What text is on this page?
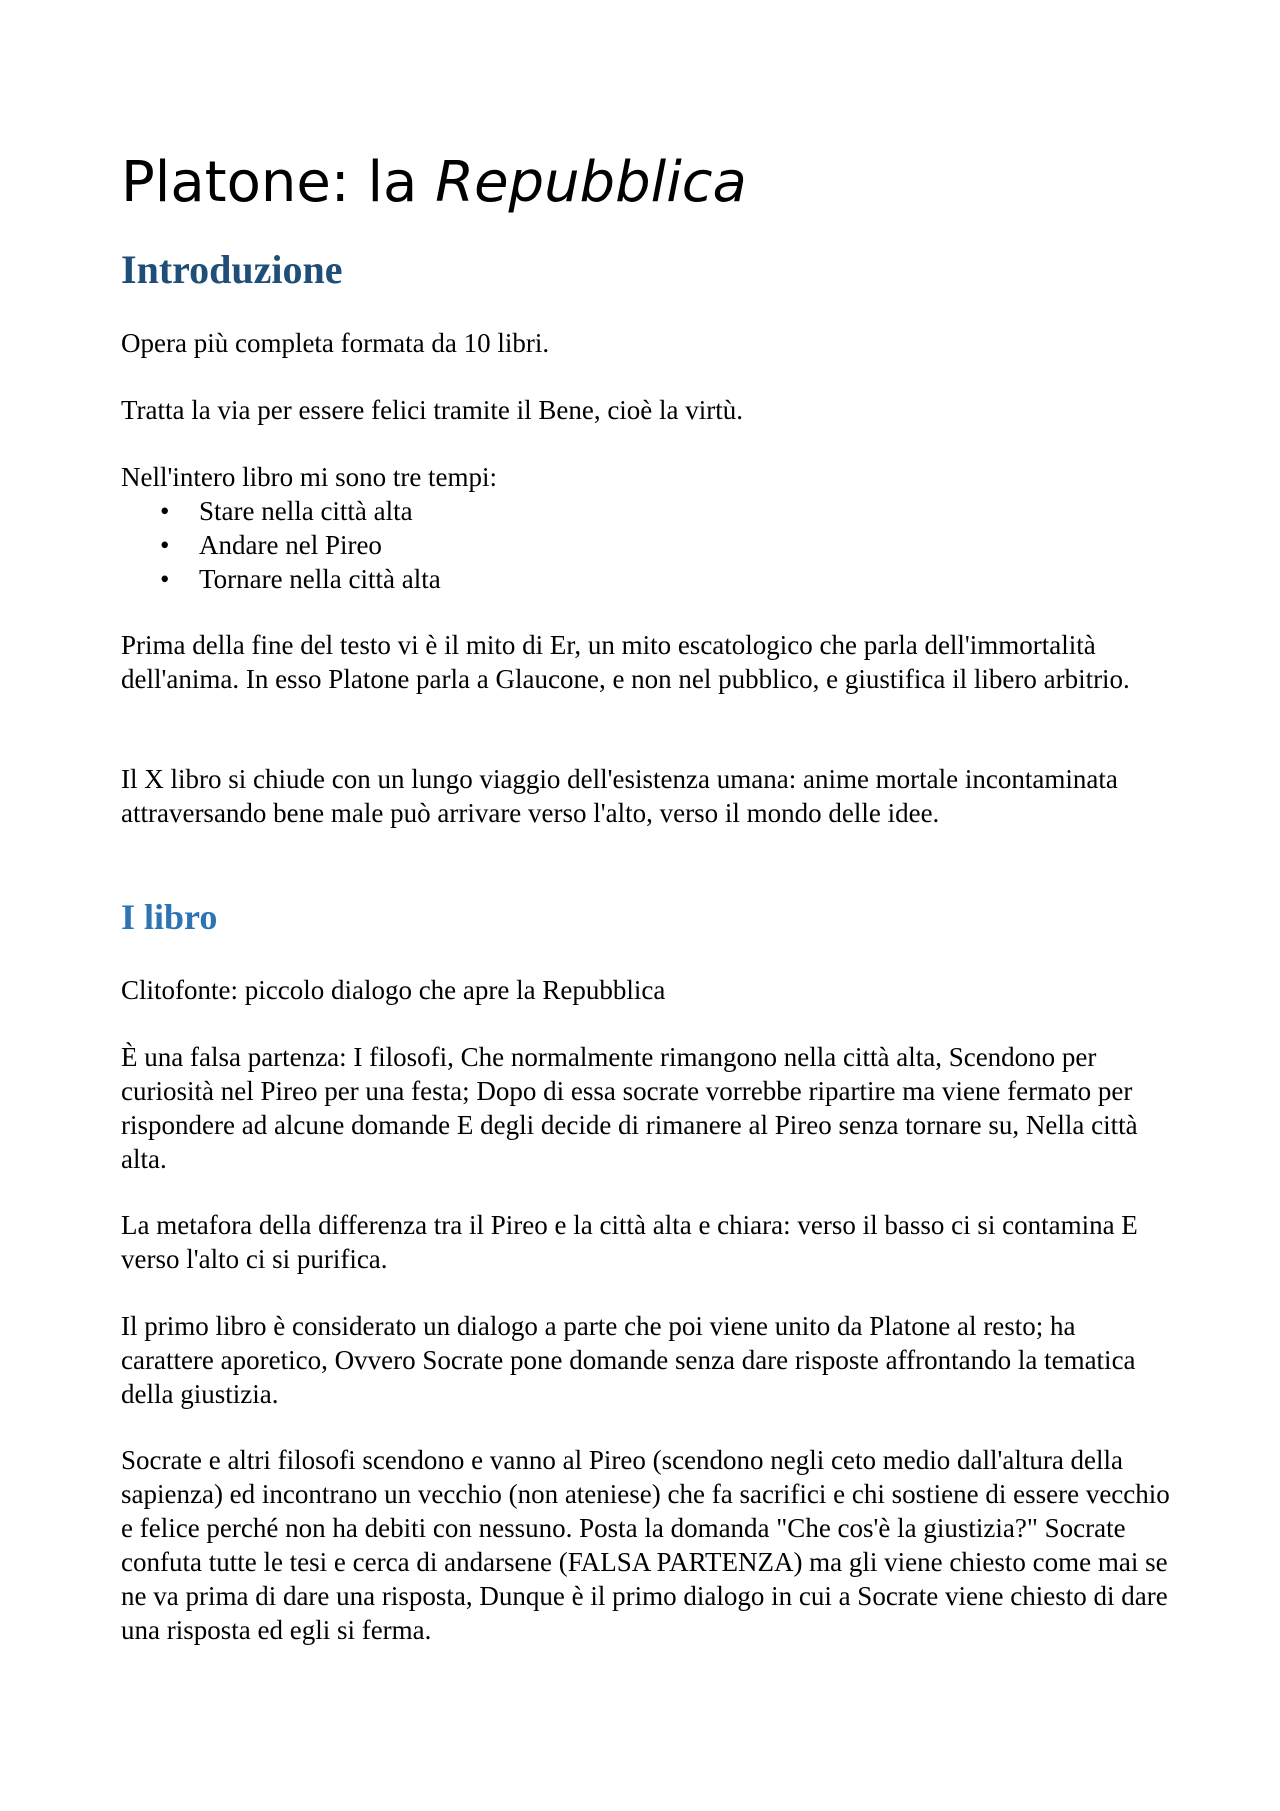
Platone: la Repubblica
Introduzione

Opera più completa formata da 10 libri.

Tratta la via per essere felici tramite il Bene, cioè la virtù.

Nell'intero libro mi sono tre tempi:

• Stare nella città alta
• Andare nel Pireo
• Tornare nella città alta

Prima della fine del testo vi è il mito di Er, un mito escatologico che parla dell'immortalità dell'anima. In esso Platone parla a Glaucone, e non nel pubblico, e giustifica il libero arbitrio.

Il X libro si chiude con un lungo viaggio dell'esistenza umana: anime mortale incontaminata attraversando bene male può arrivare verso l'alto, verso il mondo delle idee.

I libro

Clitofonte: piccolo dialogo che apre la Repubblica

È una falsa partenza: I filosofi, Che normalmente rimangono nella città alta, Scendono per curiosità nel Pireo per una festa; Dopo di essa socrate vorrebbe ripartire ma viene fermato per rispondere ad alcune domande E degli decide di rimanere al Pireo senza tornare su, Nella città alta.

La metafora della differenza tra il Pireo e la città alta e chiara: verso il basso ci si contamina E verso l'alto ci si purifica.

Il primo libro è considerato un dialogo a parte che poi viene unito da Platone al resto; ha carattere aporetico, Ovvero Socrate pone domande senza dare risposte affrontando la tematica della giustizia.

Socrate e altri filosofi scendono e vanno al Pireo (scendono negli ceto medio dall'altura della sapienza) ed incontrano un vecchio (non ateniese) che fa sacrifici e chi sostiene di essere vecchio e felice perché non ha debiti con nessuno. Posta la domanda "Che cos'è la giustizia?" Socrate confuta tutte le tesi e cerca di andarsene (FALSA PARTENZA) ma gli viene chiesto come mai se ne va prima di dare una risposta, Dunque è il primo dialogo in cui a Socrate viene chiesto di dare una risposta ed egli si ferma.
